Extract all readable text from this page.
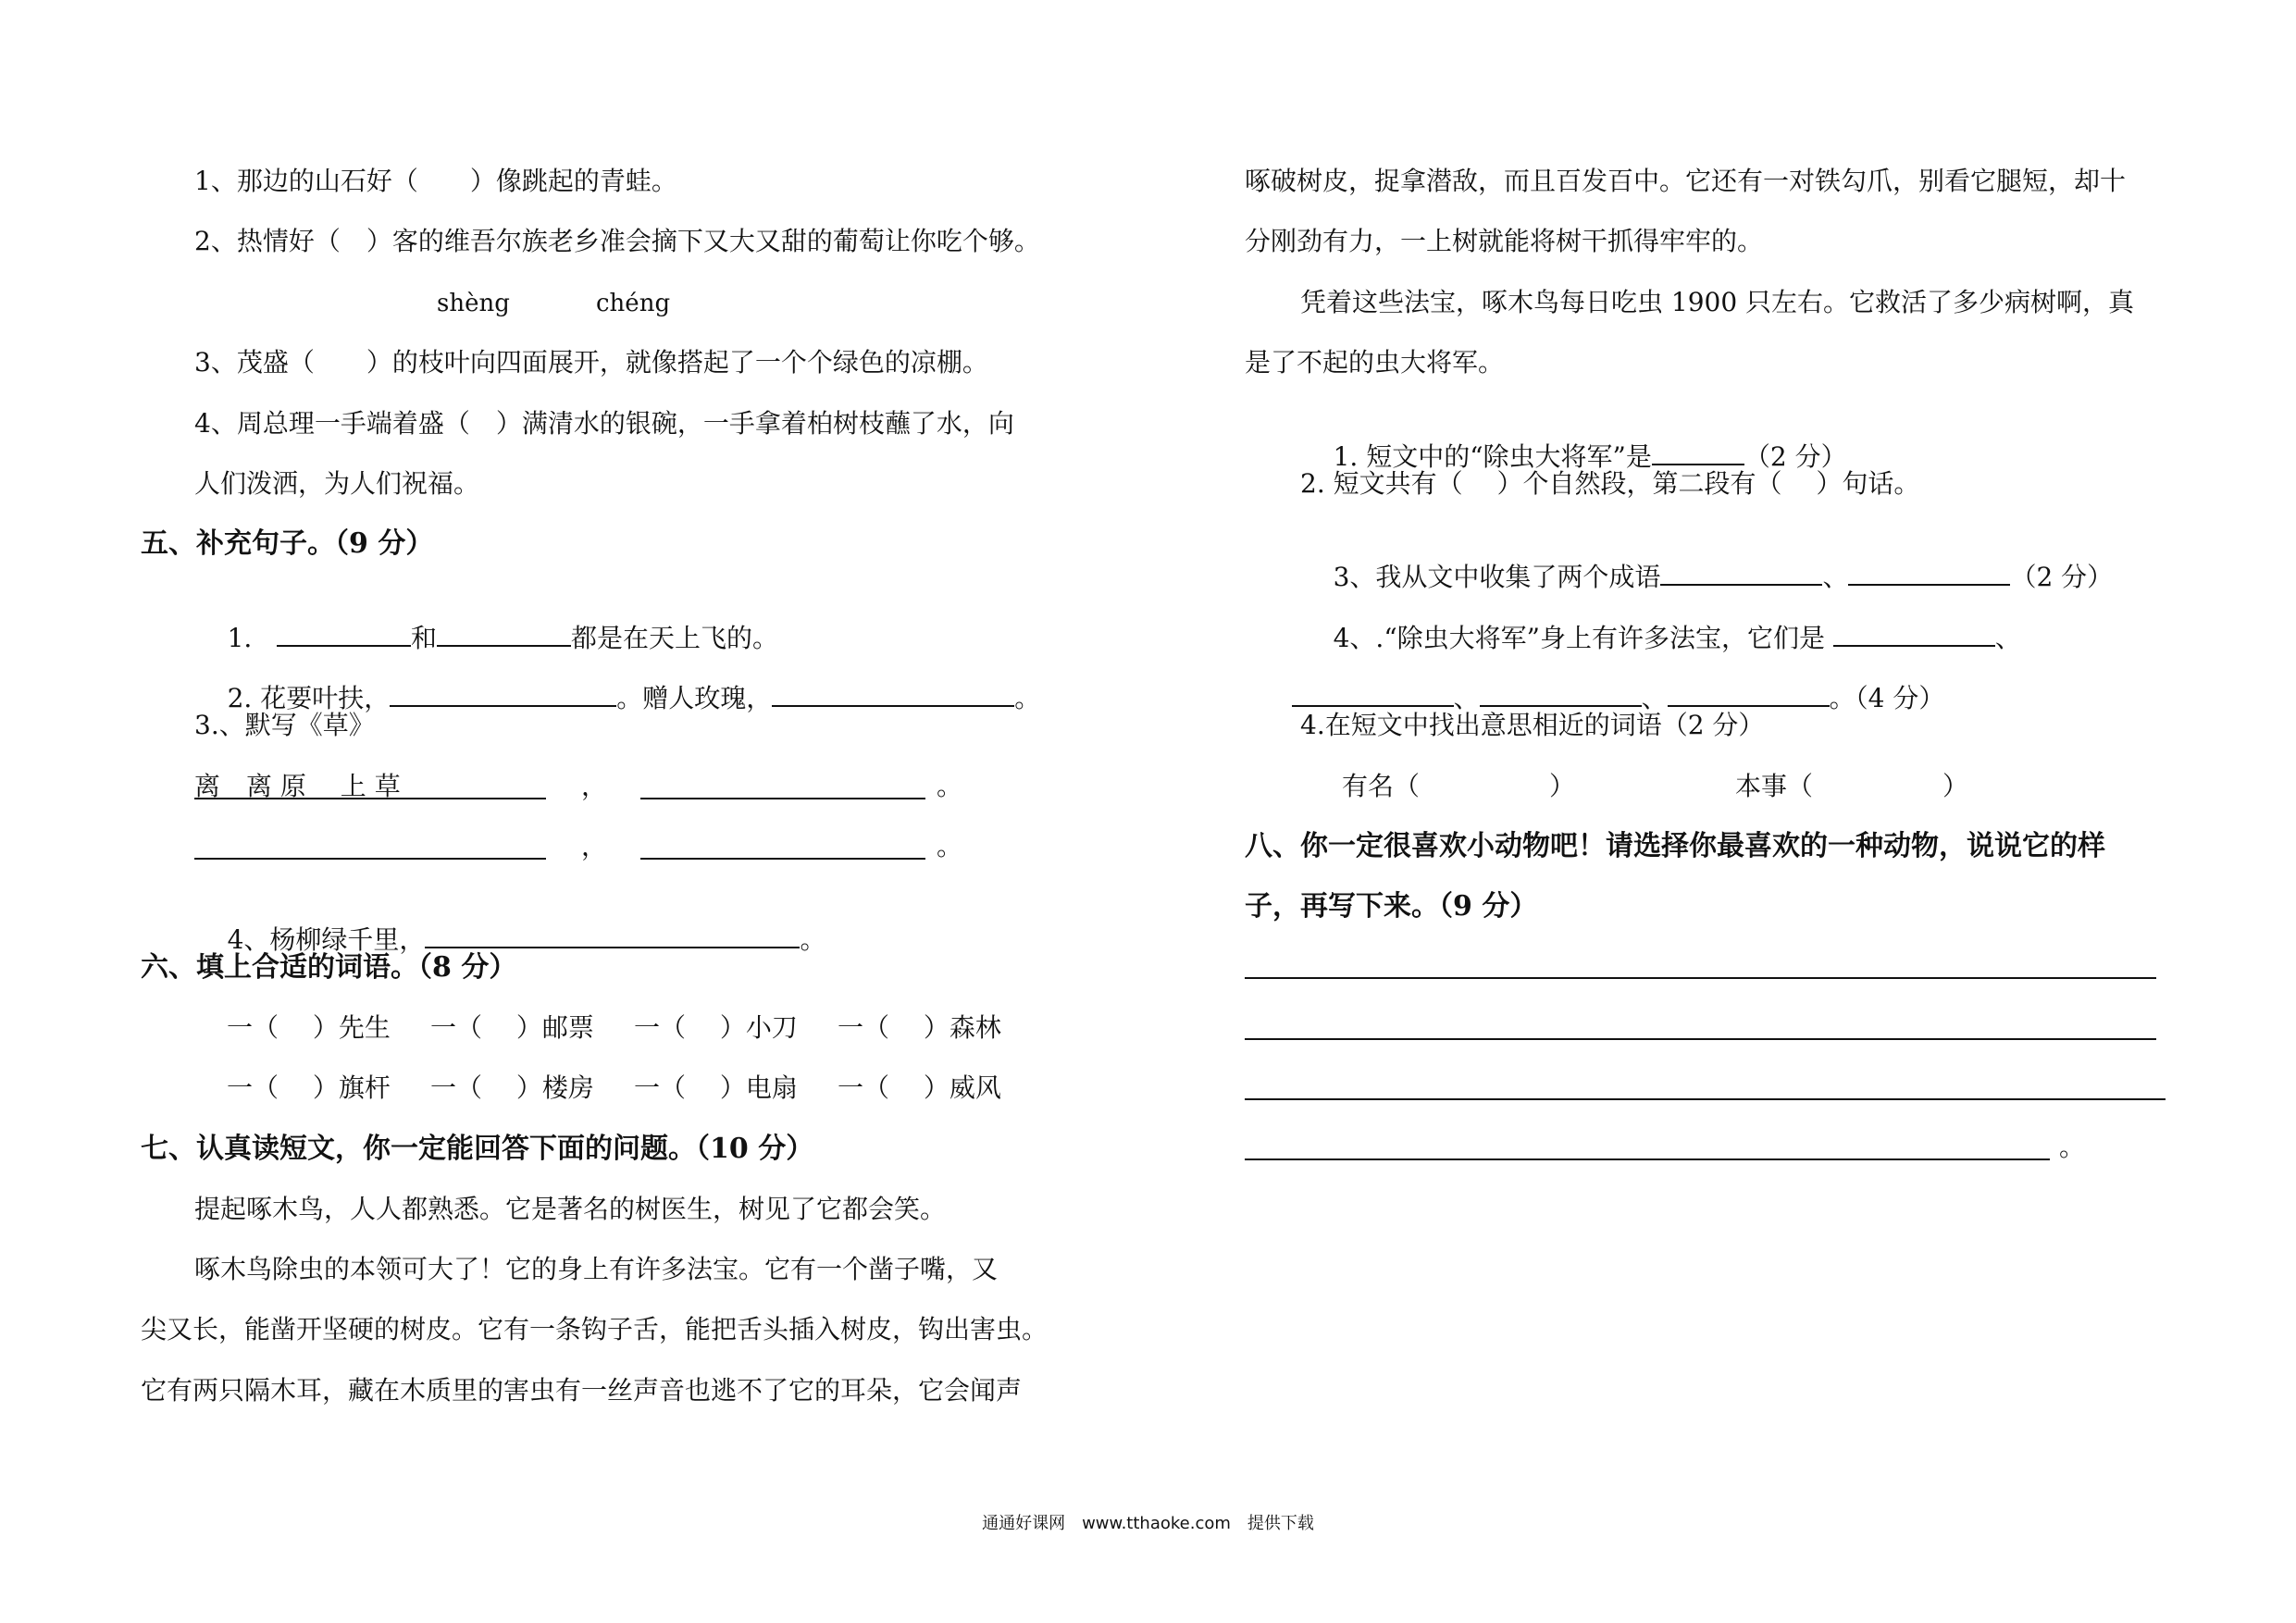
1、那边的山石好（　　）像跳起的青蛙。
2、热情好（　）客的维吾尔族老乡准会摘下又大又甜的葡萄让你吃个够。
shèng	chéng
3、茂盛（　　）的枝叶向四面展开，就像搭起了一个个绿色的凉棚。
4、周总理一手端着盛（　）满清水的银碗，一手拿着柏树枝蘸了水，向
人们泼洒，为人们祝福。
五、补充句子。（9 分）

1.	和	都是在天上飞的。

2. 花要叶扶，	。赠人玫瑰，	。

3.、默写《草》
离　离 原　 上 草	，	。
，	。

4、杨柳绿千里，	。

六、填上合适的词语。（8 分）
一（　 ）先生 一（　 ）邮票 一（　 ）小刀 一（　 ）森林
一（　 ）旗杆 一（　 ）楼房 一（　 ）电扇 一（　 ）威风
七、认真读短文，你一定能回答下面的问题。（10 分）
提起啄木鸟，人人都熟悉。它是著名的树医生，树见了它都会笑。
啄木鸟除虫的本领可大了！它的身上有许多法宝。它有一个凿子嘴，又
尖又长，能凿开坚硬的树皮。它有一条钩子舌，能把舌头插入树皮，钩出害虫。
它有两只隔木耳，藏在木质里的害虫有一丝声音也逃不了它的耳朵，它会闻声
啄破树皮，捉拿潜敌，而且百发百中。它还有一对铁勾爪，别看它腿短，却十
分刚劲有力，一上树就能将树干抓得牢牢的。
凭着这些法宝，啄木鸟每日吃虫 1900 只左右。它救活了多少病树啊，真
是了不起的虫大将军。

1. 短文中的“除虫大将军”是	（2 分）

2. 短文共有（　 ）个自然段，第二段有（　 ）句话。

3、我从文中收集了两个成语	、	（2 分）

4、.“除虫大将军”身上有许多法宝，它们是	、

、	、	。（4 分）

4.在短文中找出意思相近的词语（2 分）
有名（　　　　　）	本事（　　　　　）
八、你一定很喜欢小动物吧！请选择你最喜欢的一种动物，说说它的样
子，再写下来。（9 分）
。
通通好课网　www.tthaoke.com　提供下载
